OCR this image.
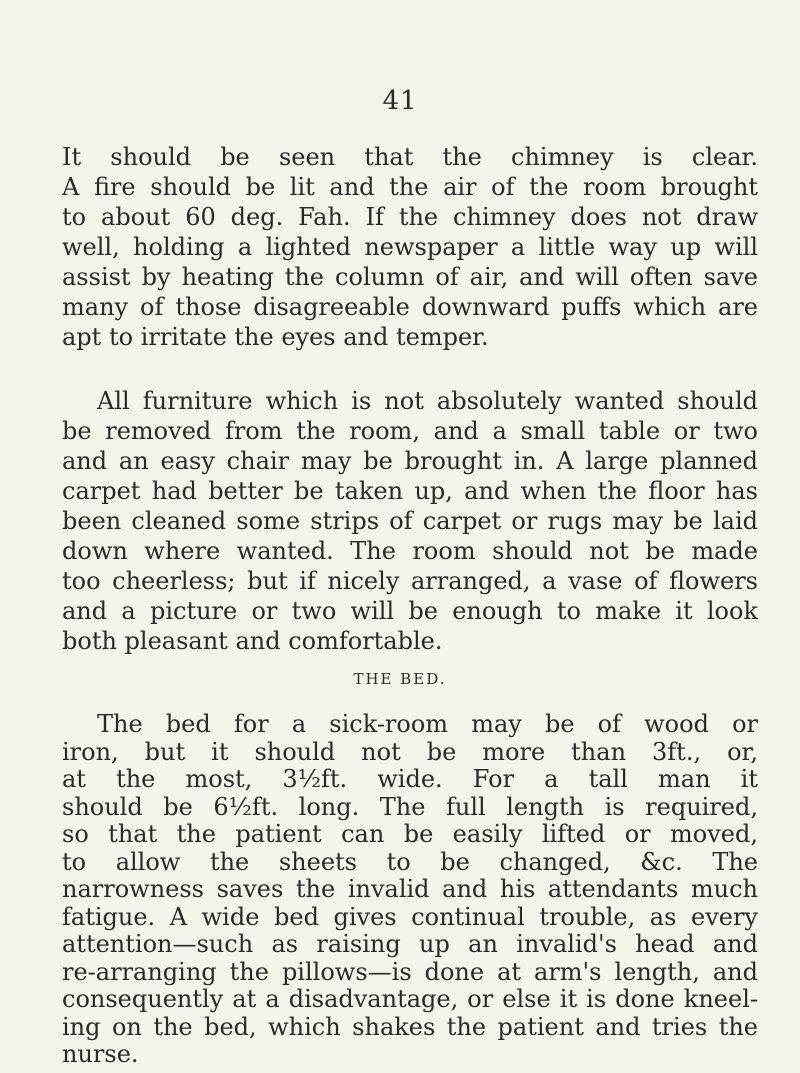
41
It should be seen that the chimney is clear.
A fire should be lit and the air of the room brought
to about 60 deg. Fah. If the chimney does not draw
well, holding a lighted newspaper a little way up will
assist by heating the column of air, and will often save
many of those disagreeable downward puffs which are
apt to irritate the eyes and temper.
All furniture which is not absolutely wanted should
be removed from the room, and a small table or two
and an easy chair may be brought in. A large planned
carpet had better be taken up, and when the floor has
been cleaned some strips of carpet or rugs may be laid
down where wanted. The room should not be made
too cheerless; but if nicely arranged, a vase of flowers
and a picture or two will be enough to make it look
both pleasant and comfortable.
THE BED.
The bed for a sick-room may be of wood or
iron, but it should not be more than 3ft., or,
at the most, 3½ft. wide. For a tall man it
should be 6½ft. long. The full length is required,
so that the patient can be easily lifted or moved,
to allow the sheets to be changed, &c. The
narrowness saves the invalid and his attendants much
fatigue. A wide bed gives continual trouble, as every
attention—such as raising up an invalid's head and
re-arranging the pillows—is done at arm's length, and
consequently at a disadvantage, or else it is done kneel-
ing on the bed, which shakes the patient and tries the
nurse.
